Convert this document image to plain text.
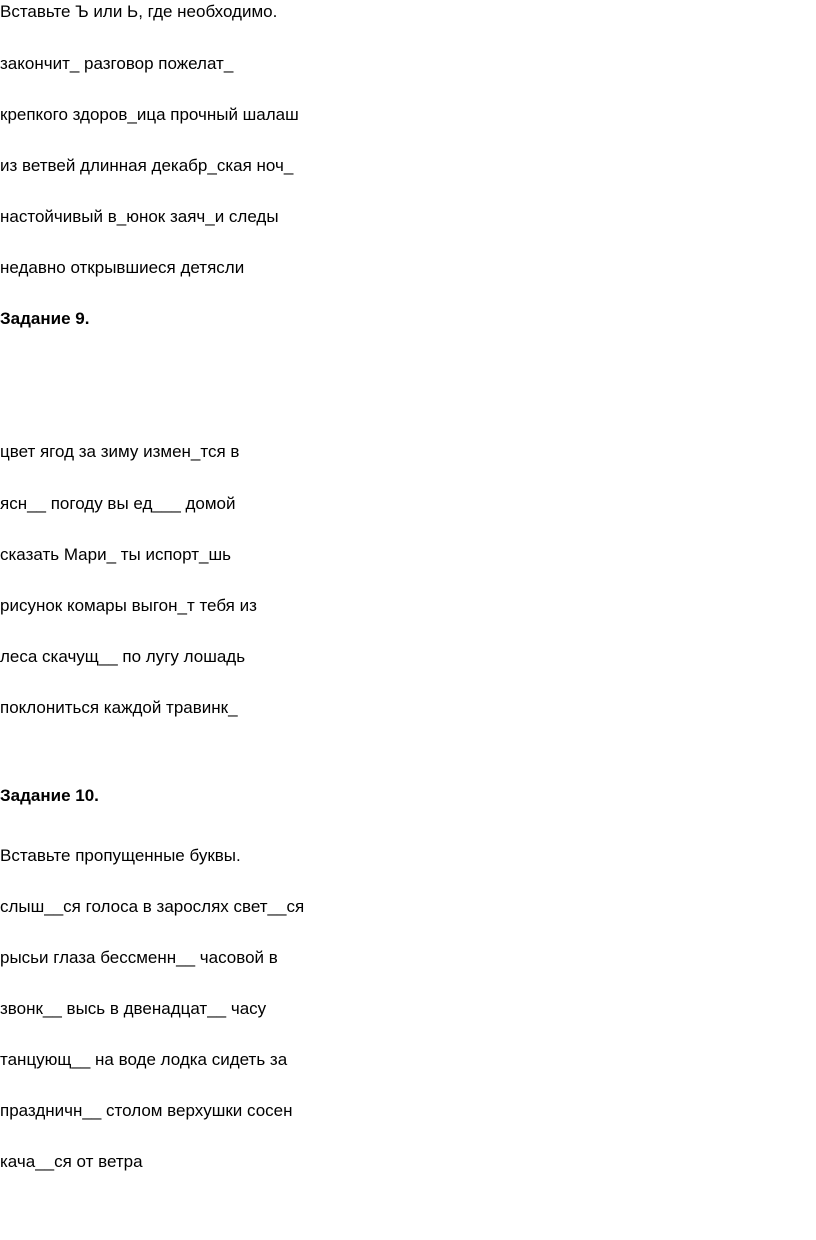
Вставьте Ъ или Ь, где необходимо.
закончит_ разговор пожелат_
крепкого здоров_ица прочный шалаш
из ветвей длинная декабр_ская ноч_
настойчивый в_юнок заяч_и следы
недавно открывшиеся детясли
Задание 9.
цвет ягод за зиму измен_тся в
ясн__ погоду вы ед___ домой
сказать Мари_ ты испорт_шь
рисунок комары выгон_т тебя из
леса скачущ__ по лугу лошадь
поклониться каждой травинк_
Задание 10.
Вставьте пропущенные буквы.
слыш__ся голоса в зарослях свет__ся
рысьи глаза бессменн__ часовой в
звонк__ высь в двенадцат__ часу
танцующ__ на воде лодка сидеть за
праздничн__ столом верхушки сосен
кача__ся от ветра
